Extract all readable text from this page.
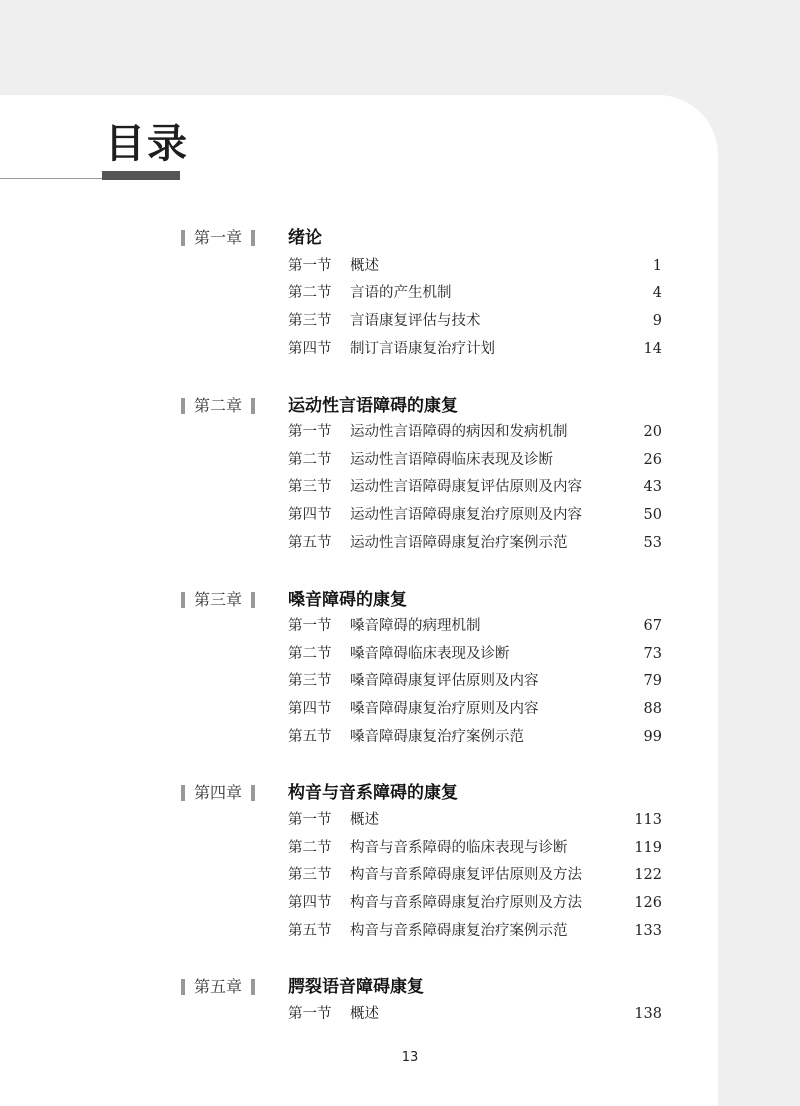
目录
第一章	绪论
第一节 概述	1
第二节 言语的产生机制	4
第三节 言语康复评估与技术	9
第四节 制订言语康复治疗计划	14
第二章	运动性言语障碍的康复
第一节 运动性言语障碍的病因和发病机制	20
第二节 运动性言语障碍临床表现及诊断	26
第三节 运动性言语障碍康复评估原则及内容	43
第四节 运动性言语障碍康复治疗原则及内容	50
第五节 运动性言语障碍康复治疗案例示范	53
第三章	嗓音障碍的康复
第一节 嗓音障碍的病理机制	67
第二节 嗓音障碍临床表现及诊断	73
第三节 嗓音障碍康复评估原则及内容	79
第四节 嗓音障碍康复治疗原则及内容	88
第五节 嗓音障碍康复治疗案例示范	99
第四章	构音与音系障碍的康复
第一节 概述	113
第二节 构音与音系障碍的临床表现与诊断	119
第三节 构音与音系障碍康复评估原则及方法	122
第四节 构音与音系障碍康复治疗原则及方法	126
第五节 构音与音系障碍康复治疗案例示范	133
第五章	腭裂语音障碍康复
第一节 概述	138
13
